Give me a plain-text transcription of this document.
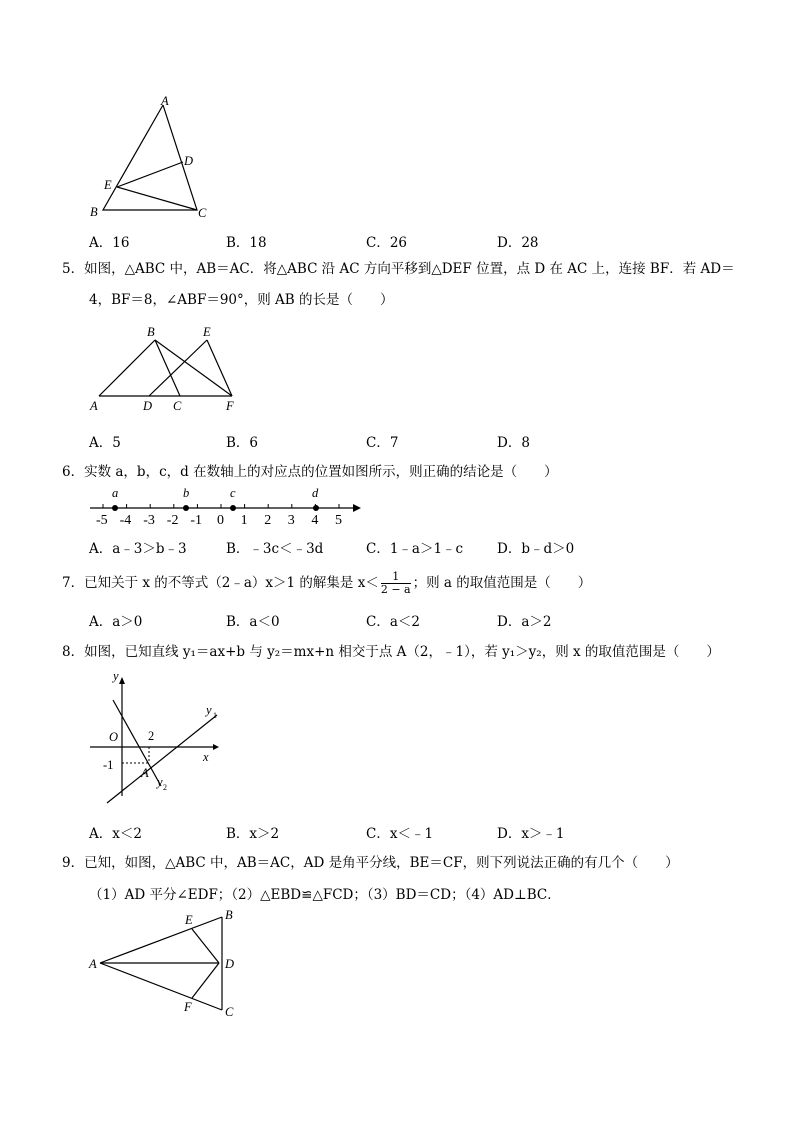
A
D
E
B	C
A．16	B．18	C．26	D．28
5．如图，△ABC 中，AB＝AC．将△ABC 沿 AC 方向平移到△DEF 位置，点 D 在 AC 上，连接 BF．若 AD＝
4，BF＝8，∠ABF＝90°，则 AB 的长是（　　）
B	E
A	D C	F
A．5	B．6	C．7	D．8
6．实数 a，b，c，d 在数轴上的对应点的位置如图所示，则正确的结论是（　　）
-5 -4 -3 -2 -1 0 1 2 3 4 5
a	b	c	d
A．a﹣3＞b﹣3	B．﹣3c＜﹣3d	C．1﹣a＞1﹣c	D．b﹣d＞0
7．已知关于 x 的不等式（2﹣a）x＞1 的解集是 $x< \frac{1}{2 - a}$ ；则 a 的取值范围是（　　）
A．a＞0	B．a＜0	C．a＜2	D．a＞2
8．如图，已知直线 y₁＝ax+b 与 y₂＝mx+n 相交于点 A（2，﹣1），若 y₁＞y₂，则 x 的取值范围是（　　）
y
x
O 2
-1
A
y 1
y 2
A．x＜2	B．x＞2	C．x＜﹣1	D．x＞﹣1
9．已知，如图，△ABC 中，AB＝AC，AD 是角平分线，BE＝CF，则下列说法正确的有几个（　　）
（1）AD 平分∠EDF；（2）△EBD≌△FCD；（3）BD＝CD；（4）AD⊥BC．
E	B
A	D
F	C
